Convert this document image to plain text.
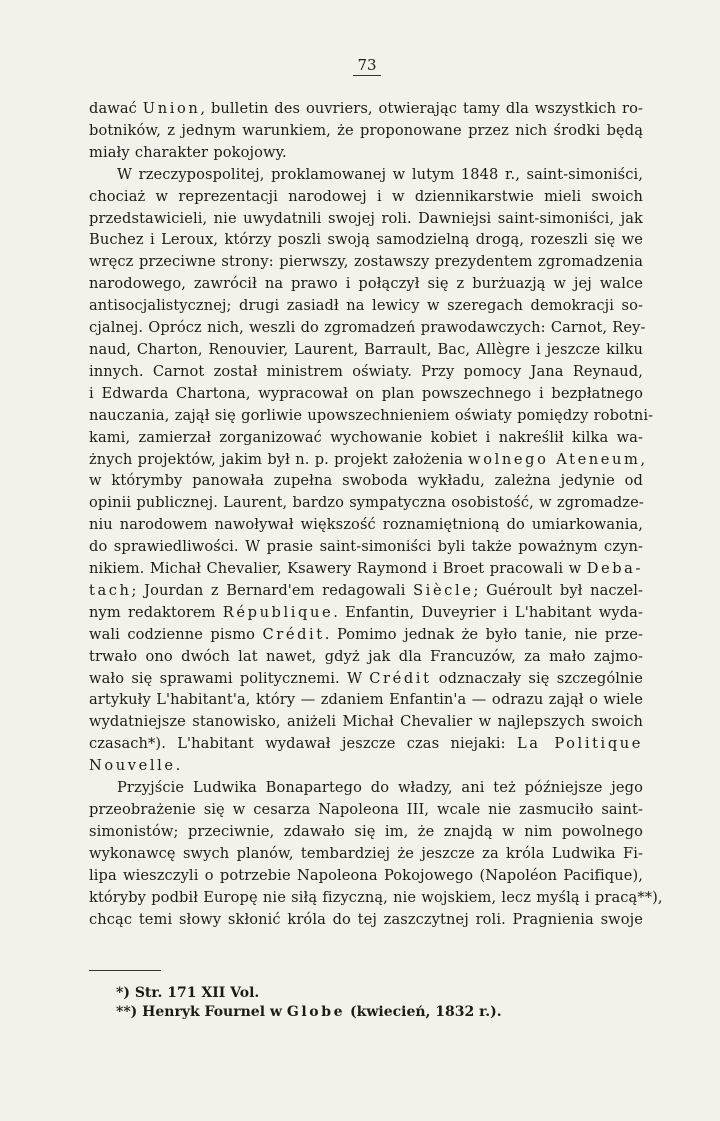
73
dawać Union, bulletin des ouvriers, otwierając tamy dla wszystkich ro-
botników, z jednym warunkiem, że proponowane przez nich środki będą
miały charakter pokojowy.
W rzeczypospolitej, proklamowanej w lutym 1848 r., saint-simoniści,
chociaż w reprezentacji narodowej i w dziennikarstwie mieli swoich
przedstawicieli, nie uwydatnili swojej roli. Dawniejsi saint-simoniści, jak
Buchez i Leroux, którzy poszli swoją samodzielną drogą, rozeszli się we
wręcz przeciwne strony: pierwszy, zostawszy prezydentem zgromadzenia
narodowego, zawrócił na prawo i połączył się z burżuazją w jej walce
antisocjalistycznej; drugi zasiadł na lewicy w szeregach demokracji so-
cjalnej. Oprócz nich, weszli do zgromadzeń prawodawczych: Carnot, Rey-
naud, Charton, Renouvier, Laurent, Barrault, Bac, Allègre i jeszcze kilku
innych. Carnot został ministrem oświaty. Przy pomocy Jana Reynaud,
i Edwarda Chartona, wypracował on plan powszechnego i bezpłatnego
nauczania, zajął się gorliwie upowszechnieniem oświaty pomiędzy robotni-
kami, zamierzał zorganizować wychowanie kobiet i nakreślił kilka wa-
żnych projektów, jakim był n. p. projekt założenia wolnego Ateneum,
w którymby panowała zupełna swoboda wykładu, zależna jedynie od
opinii publicznej. Laurent, bardzo sympatyczna osobistość, w zgromadze-
niu narodowem nawoływał większość roznamiętnioną do umiarkowania,
do sprawiedliwości. W prasie saint-simoniści byli także poważnym czyn-
nikiem. Michał Chevalier, Ksawery Raymond i Broet pracowali w Deba-
tach; Jourdan z Bernard'em redagowali Siècle; Guéroult był naczel-
nym redaktorem République. Enfantin, Duveyrier i L'habitant wyda-
wali codzienne pismo Crédit. Pomimo jednak że było tanie, nie prze-
trwało ono dwóch lat nawet, gdyż jak dla Francuzów, za mało zajmo-
wało się sprawami politycznemi. W Crédit odznaczały się szczególnie
artykuły L'habitant'a, który — zdaniem Enfantin'a — odrazu zajął o wiele
wydatniejsze stanowisko, aniżeli Michał Chevalier w najlepszych swoich
czasach*). L'habitant wydawał jeszcze czas niejaki: La Politique
Nouvelle.
Przyjście Ludwika Bonapartego do władzy, ani też późniejsze jego
przeobrażenie się w cesarza Napoleona III, wcale nie zasmuciło saint-
simonistów; przeciwnie, zdawało się im, że znajdą w nim powolnego
wykonawcę swych planów, tembardziej że jeszcze za króla Ludwika Fi-
lipa wieszczyli o potrzebie Napoleona Pokojowego (Napoléon Pacifique),
któryby podbił Europę nie siłą fizyczną, nie wojskiem, lecz myślą i pracą**),
chcąc temi słowy skłonić króla do tej zaszczytnej roli. Pragnienia swoje
*) Str. 171 XII Vol.
**) Henryk Fournel w Globe (kwiecień, 1832 r.).
